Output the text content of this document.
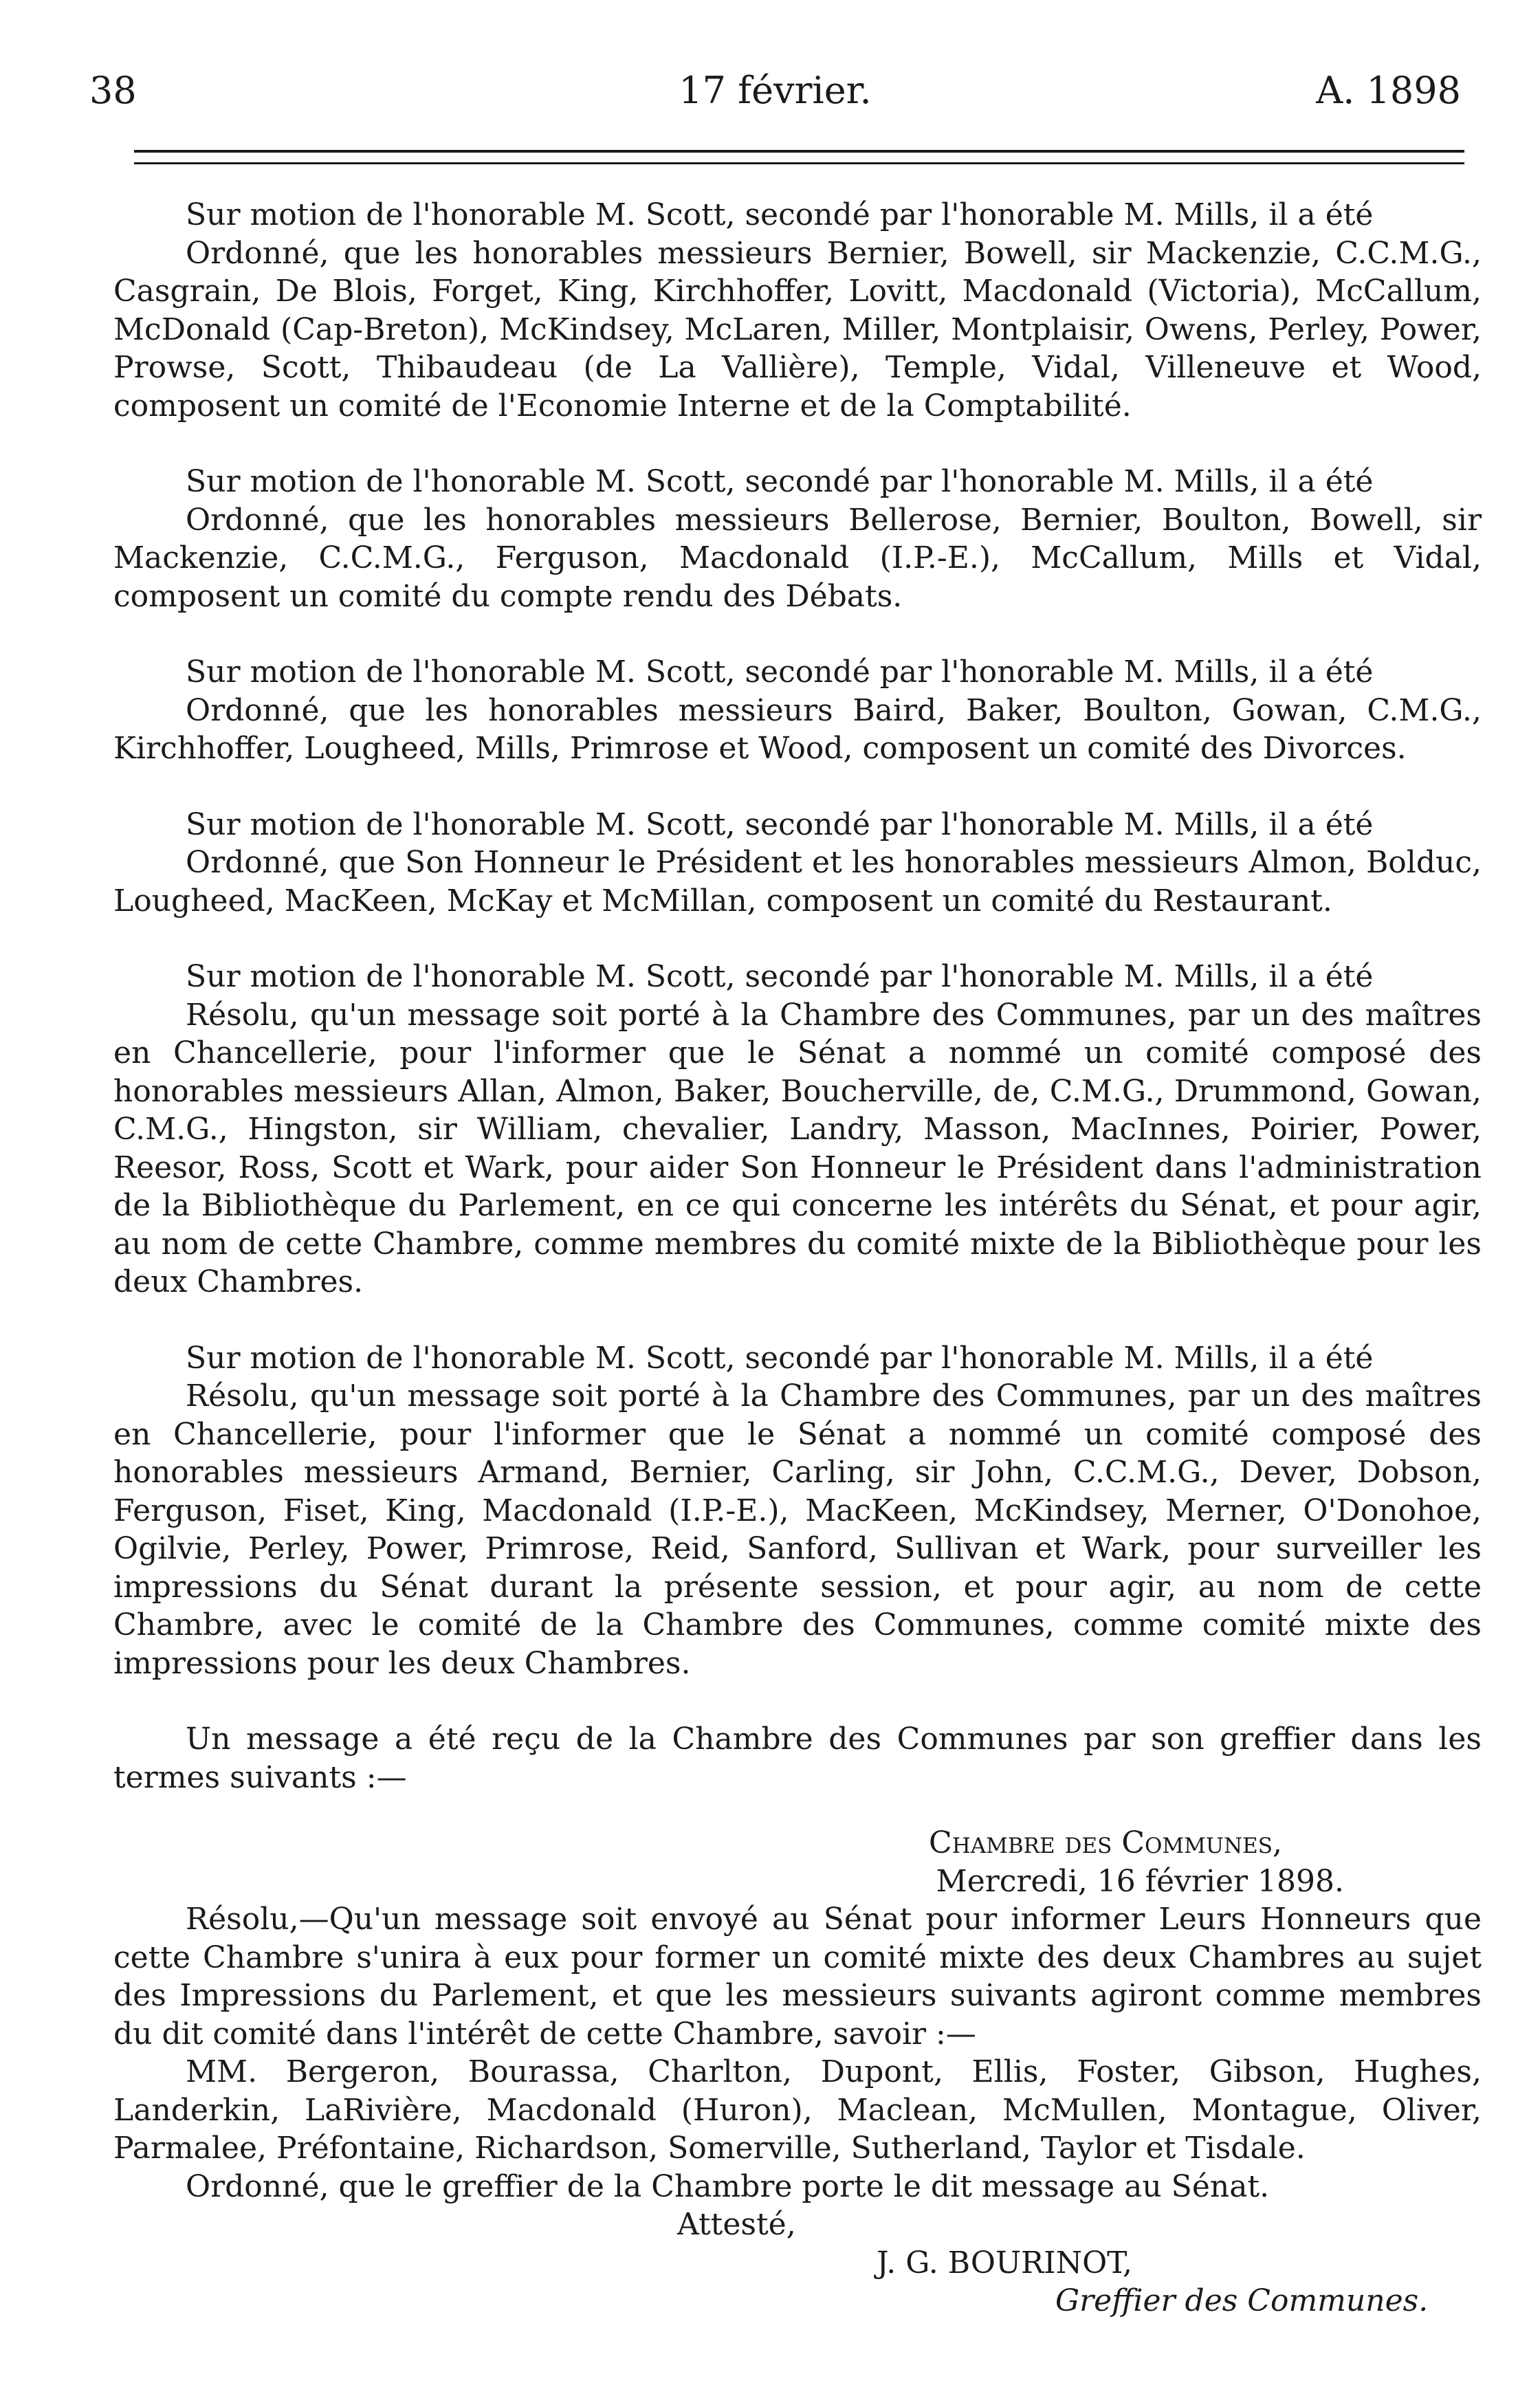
38	17 février.	A. 1898

Sur motion de l'honorable M. Scott, secondé par l'honorable M. Mills, il a été

Ordonné, que les honorables messieurs Bernier, Bowell, sir Mackenzie, C.C.M.G., Casgrain, De Blois, Forget, King, Kirchhoffer, Lovitt, Macdonald (Victoria), McCallum, McDonald (Cap-Breton), McKindsey, McLaren, Miller, Montplaisir, Owens, Perley, Power, Prowse, Scott, Thibaudeau (de La Vallière), Temple, Vidal, Villeneuve et Wood, composent un comité de l'Economie Interne et de la Comptabilité.

Sur motion de l'honorable M. Scott, secondé par l'honorable M. Mills, il a été

Ordonné, que les honorables messieurs Bellerose, Bernier, Boulton, Bowell, sir Mackenzie, C.C.M.G., Ferguson, Macdonald (I.P.-E.), McCallum, Mills et Vidal, composent un comité du compte rendu des Débats.

Sur motion de l'honorable M. Scott, secondé par l'honorable M. Mills, il a été

Ordonné, que les honorables messieurs Baird, Baker, Boulton, Gowan, C.M.G., Kirchhoffer, Lougheed, Mills, Primrose et Wood, composent un comité des Divorces.

Sur motion de l'honorable M. Scott, secondé par l'honorable M. Mills, il a été

Ordonné, que Son Honneur le Président et les honorables messieurs Almon, Bolduc, Lougheed, MacKeen, McKay et McMillan, composent un comité du Restaurant.

Sur motion de l'honorable M. Scott, secondé par l'honorable M. Mills, il a été

Résolu, qu'un message soit porté à la Chambre des Communes, par un des maîtres en Chancellerie, pour l'informer que le Sénat a nommé un comité composé des honorables messieurs Allan, Almon, Baker, Boucherville, de, C.M.G., Drummond, Gowan, C.M.G., Hingston, sir William, chevalier, Landry, Masson, MacInnes, Poirier, Power, Reesor, Ross, Scott et Wark, pour aider Son Honneur le Président dans l'administration de la Bibliothèque du Parlement, en ce qui concerne les intérêts du Sénat, et pour agir, au nom de cette Chambre, comme membres du comité mixte de la Bibliothèque pour les deux Chambres.

Sur motion de l'honorable M. Scott, secondé par l'honorable M. Mills, il a été

Résolu, qu'un message soit porté à la Chambre des Communes, par un des maîtres en Chancellerie, pour l'informer que le Sénat a nommé un comité composé des honorables messieurs Armand, Bernier, Carling, sir John, C.C.M.G., Dever, Dobson, Ferguson, Fiset, King, Macdonald (I.P.-E.), MacKeen, McKindsey, Merner, O'Donohoe, Ogilvie, Perley, Power, Primrose, Reid, Sanford, Sullivan et Wark, pour surveiller les impressions du Sénat durant la présente session, et pour agir, au nom de cette Chambre, avec le comité de la Chambre des Communes, comme comité mixte des impressions pour les deux Chambres.

Un message a été reçu de la Chambre des Communes par son greffier dans les termes suivants :—

Chambre des Communes,

Mercredi, 16 février 1898.

Résolu,—Qu'un message soit envoyé au Sénat pour informer Leurs Honneurs que cette Chambre s'unira à eux pour former un comité mixte des deux Chambres au sujet des Impressions du Parlement, et que les messieurs suivants agiront comme membres du dit comité dans l'intérêt de cette Chambre, savoir :—

MM. Bergeron, Bourassa, Charlton, Dupont, Ellis, Foster, Gibson, Hughes, Landerkin, LaRivière, Macdonald (Huron), Maclean, McMullen, Montague, Oliver, Parmalee, Préfontaine, Richardson, Somerville, Sutherland, Taylor et Tisdale.

Ordonné, que le greffier de la Chambre porte le dit message au Sénat.

Attesté,

J. G. BOURINOT,

Greffier des Communes.
